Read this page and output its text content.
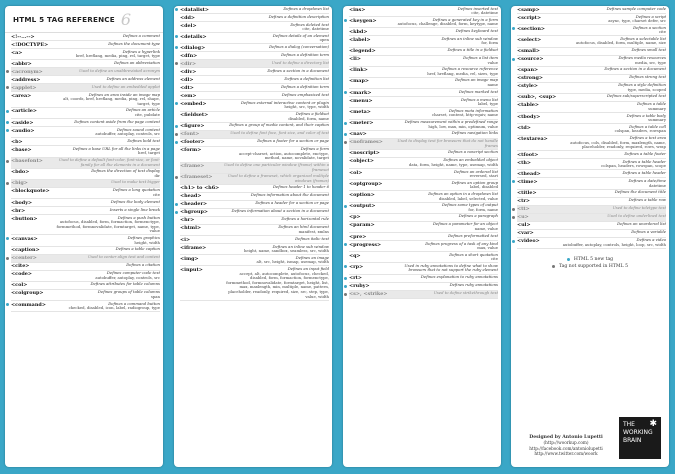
HTML 5 TAG REFERENCE 6
<!--...-->	Defines a comment
<!DOCTYPE>	Defines the document type
<a>	Defines a hyperlink
href, hreflang, media, ping, rel, target, type
<abbr>	Defines an abbreviation
<acronym>	Used to define an unabbreviated acronym
<address>	Defines an address element
<applet>	Used to define an embedded applet
<area>	Defines an area inside an image map
alt, coords, href, hreflang, media, ping, rel, shape, target, type
<article>	Defines an article
cite, pubdate
<aside>	Defines content aside from the page content
<audio>	Defines sound content
autobuffer, autoplay, controls, src
<b>	Defines bold text
<base>	Defines a base URL for all the links in a page
href, target
<basefont>	Used to define a default font-color, font-size, or font-family for all the elements in a document
<bdo>	Defines the direction of text display
dir
<big>	Used to make text bigger
<blockquote>	Defines a long quotation
cite
<body>	Defines the body element
<br>	Inserts a single line break
<button>	Defines a push button
autofocus, disabled, form, formaction, formenctype, formmethod, formnovalidate, formtarget, name, type, value
<canvas>	Defines graphics
height, width
<caption>	Defines a table caption
<center>	Used to center align text and content
<cite>	Defines a citation
<code>	Defines computer code text
autobuffer, autoplay, controls, src
<col>	Defines attributes for table columns
<colgroup>	Defines groups of table columns
span
<command>	Defines a command button
checked, disabled, icon, label, radiogroup, type
<datalist>	Defines a dropdown list
<dd>	Defines a definition description
<del>	Defines deleted text
cite, datetime
<details>	Defines details of an element
open
<dialog>	Defines a dialog (conversation)
<dfn>	Defines a definition term
<dir>	Used to define a directory list
<div>	Defines a section in a document
<dl>	Defines a definition list
<dt>	Defines a definition term
<em>	Defines emphasized text
<embed>	Defines external interactive content or plugin
height, src, type, width
<fieldset>	Defines a fieldset
disabled, form, name
<figure>	Defines a group of media content, and their caption
<font>	Used to define font face, font size, and color of text
<footer>	Defines a footer for a section or page
<form>	Defines a form
accept-charset, action, autocomplete, enctype, method, name, novalidate, target
<frame>	Used to define one particular window (frame) within a frameset
<frameset>	Used to define a frameset, which organized multiple windows (frames)
<h1> to <h6>	Defines header 1 to header 6
<head>	Defines information about the document
<header>	Defines a header for a section or page
<hgroup>	Defines information about a section in a document
<hr>	Defines a horizontal rule
<html>	Defines an html document
manifest, xmlns
<i>	Defines italic text
<iframe>	Defines an inline sub window
height, name, sandbox, seamless, src, width
<img>	Defines an image
alt, src, height, ismap, usemap, width
<input>	Defines an input field
accept, alt, autocomplete, autofocus, checked, disabled, form, formaction, formenctype, formmethod, formnovalidate, formtarget, height, list, max, maxlength, min, multiple, name, pattern, placeholder, readonly, required, size, src, step, type, value, width
<ins>	Defines inserted text
cite, datetime
<keygen>	Defines a generated key in a form
autofocus, challenge, disabled, form, keytype, name
<kbd>	Defines keyboard text
<label>	Defines an inline sub window
for, form
<legend>	Defines a title in a fieldset
<li>	Defines a list item
value
<link>	Defines a resource reference
href, hreflang, media, rel, sizes, type
<map>	Defines an image map
name
<mark>	Defines marked text
<menu>	Defines a menu list
label, type
<meta>	Defines meta information
charset, content, http-equiv, name
<meter>	Defines measurement within a predefined range
high, low, max, min, optimum, value
<nav>	Defines navigation links
<noframes>	Used to display text for browsers that do not handle frames
<noscript>	Defines a noscript section
<object>	Defines an embedded object
data, form, height, name, type, usemap, width
<ol>	Defines an ordered list
reversed, start
<optgroup>	Defines an option group
label, disabled
<option>	Defines an option in a dropdown list
disabled, label, selected, value
<output>	Defines some types of output
for, form, name
<p>	Defines a paragraph
<param>	Defines a parameter for an object
name, value
<pre>	Defines preformatted text
<progress>	Defines progress of a task of any kind
max, value
<q>	Defines a short quotation
cite
<rp>	Used in ruby annotations to define what to show browsers that to not support the ruby element
<rt>	Defines explanation to ruby annotations
<ruby>	Defines ruby annotations
<s>, <strike>	Used to define strikethrough text
<samp>	Defines sample computer code
<script>	Defines a script
async, type, charset defer, src
<section>	Defines a section
cite
<select>	Defines a selectable list
autofocus, disabled, form, multiple, name, size
<small>	Defines small text
<source>	Defines media resources
media, src, type
<span>	Defines a section in a document
<strong>	Defines strong text
<style>	Defines a style definition
type, media, scoped
<sub>, <sup>	Defines sub/superscripted text
<table>	Defines a table
summary
<tbody>	Defines a table body
summary
<td>	Defines a table cell
colspan, headers, rowspan
<textarea>	Defines a text area
autofocus, cols, disabled, form, maxlength, name, placeholder, readonly, required, rows, wrap
<tfoot>	Defines a table footer
<th>	Defines a table header
colspan, headers, rowspan, scope
<thead>	Defines a table header
<time>	Defines a date/time
datetime
<title>	Defines the document title
<tr>	Defines a table row
<tt>	Used to define teletype text
<u>	Used to define underlined text
<ul>	Defines an unordered list
<var>	Defines a variable
<video>	Defines a video
autobuffer, autoplay, controls, height, loop, src, width
HTML 5 new tag
Tag not supported in HTML 5
Designed by Antonio Lupetti
(http://woorkup.com)
http://facebook.com/antoniolupetti
http://www.twitter.com/woork
✱
THE
WORKING
BRAIN
